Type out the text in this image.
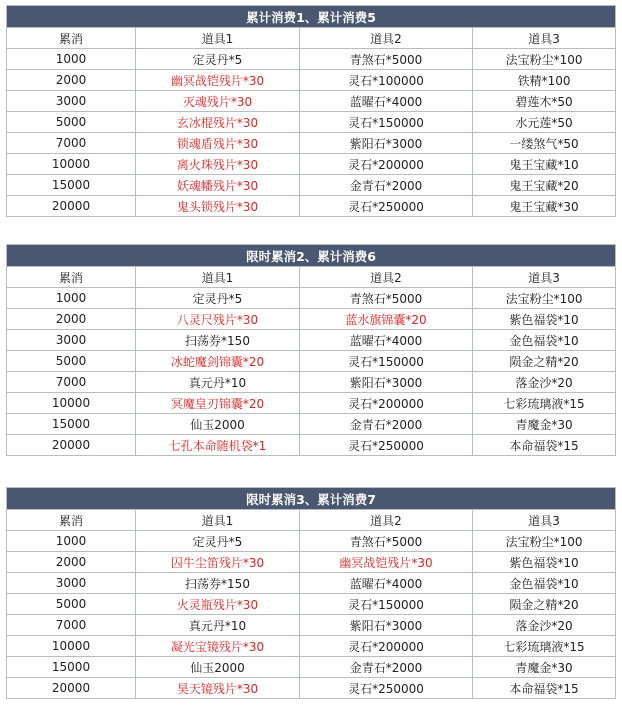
累计消费1、累计消费5			
累消	道具1	道具2	道具3
1000	定灵丹*5	青煞石*5000	法宝粉尘*100
2000	幽冥战铠残片*30	灵石*100000	铁精*100
3000	灭魂残片*30	蓝曜石*4000	碧莲木*50
5000	玄冰棍残片*30	灵石*150000	水元莲*50
7000	锁魂盾残片*30	紫阳石*3000	一缕煞气*50
10000	离火珠残片*30	灵石*200000	鬼王宝藏*10
15000	妖魂幡残片*30	金青石*2000	鬼王宝藏*20
20000	鬼头锁残片*30	灵石*250000	鬼王宝藏*30
限时累消2、累计消费6			
累消	道具1	道具2	道具3
1000	定灵丹*5	青煞石*5000	法宝粉尘*100
2000	八灵尺残片*30	蓝水旗锦囊*20	紫色福袋*10
3000	扫荡券*150	蓝曜石*4000	金色福袋*10
5000	冰蛇魔剑锦囊*20	灵石*150000	陨金之精*20
7000	真元丹*10	紫阳石*3000	落金沙*20
10000	冥魔皇刃锦囊*20	灵石*200000	七彩琉璃液*15
15000	仙玉2000	金青石*2000	青魔金*30
20000	七孔本命随机袋*1	灵石*250000	本命福袋*15
限时累消3、累计消费7			
累消	道具1	道具2	道具3
1000	定灵丹*5	青煞石*5000	法宝粉尘*100
2000	囚牛尘笛残片*30	幽冥战铠残片*30	紫色福袋*10
3000	扫荡券*150	蓝曜石*4000	金色福袋*10
5000	火灵瓶残片*30	灵石*150000	陨金之精*20
7000	真元丹*10	紫阳石*3000	落金沙*20
10000	凝光宝镜残片*30	灵石*200000	七彩琉璃液*15
15000	仙玉2000	金青石*2000	青魔金*30
20000	昊天镜残片*30	灵石*250000	本命福袋*15
